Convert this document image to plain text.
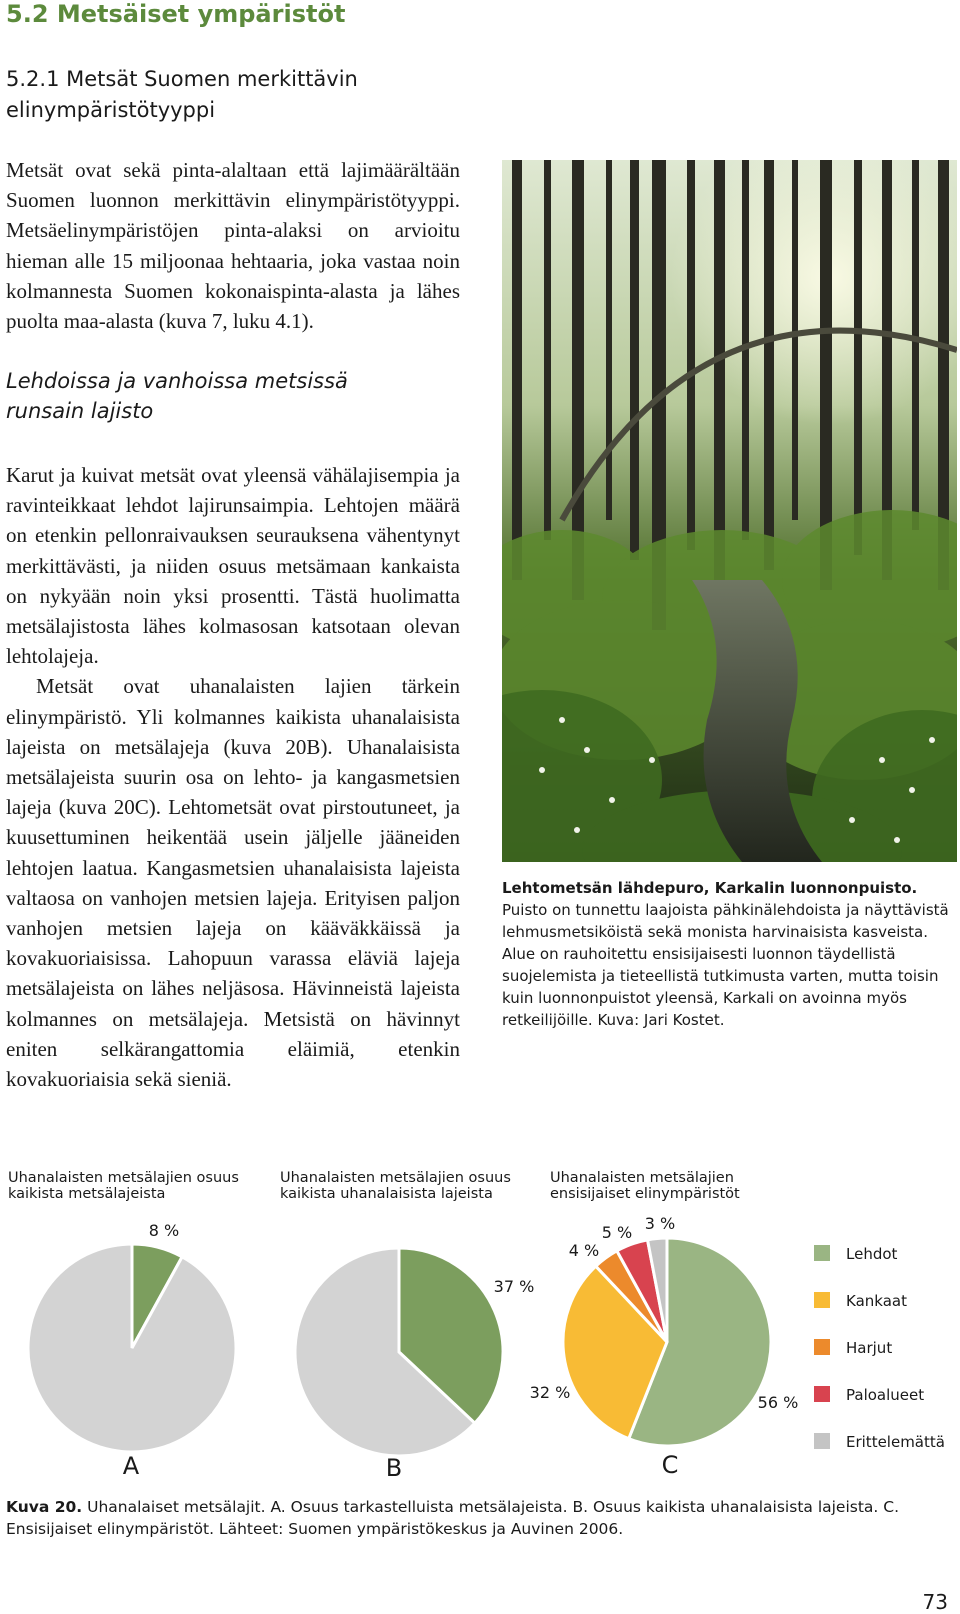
5.2 Metsäiset ympäristöt
5.2.1 Metsät Suomen merkittävin elinympäristötyyppi

Metsät ovat sekä pinta-alaltaan että lajimäärältään Suomen luonnon merkittävin elinympäristötyyppi. Metsäelinympäristöjen pinta-alaksi on arvioitu hieman alle 15 miljoonaa hehtaaria, joka vastaa noin kolmannesta Suomen kokonaispinta-alasta ja lähes puolta maa-alasta (kuva 7, luku 4.1).

Lehdoissa ja vanhoissa metsissä runsain lajisto

Karut ja kuivat metsät ovat yleensä vähälajisempia ja ravinteikkaat lehdot lajirunsaimpia. Lehtojen määrä on etenkin pellonraivauksen seurauksena vähentynyt merkittävästi, ja niiden osuus metsämaan kankaista on nykyään noin yksi prosentti. Tästä huolimatta metsälajistosta lähes kolmasosan katsotaan olevan lehtolajeja.

Metsät ovat uhanalaisten lajien tärkein elinympäristö. Yli kolmannes kaikista uhanalaisista lajeista on metsälajeja (kuva 20B). Uhanalaisista metsälajeista suurin osa on lehto- ja kangasmetsien lajeja (kuva 20C). Lehtometsät ovat pirstoutuneet, ja kuusettuminen heikentää usein jäljelle jääneiden lehtojen laatua. Kangasmetsien uhanalaisista lajeista valtaosa on vanhojen metsien lajeja. Erityisen paljon vanhojen metsien lajeja on kääväkkäissä ja kovakuoriaisissa. Lahopuun varassa eläviä lajeja metsälajeista on lähes neljäsosa. Hävinneistä lajeista kolmannes on metsälajeja. Metsistä on hävinnyt eniten selkärangattomia eläimiä, etenkin kovakuoriaisia sekä sieniä.

Lehtometsän lähdepuro, Karkalin luonnonpuisto. Puisto on tunnettu laajoista pähkinälehdoista ja näyttävistä lehmusmetsiköistä sekä monista harvinaisista kasveista. Alue on rauhoitettu ensisijaisesti luonnon täydellistä suojelemista ja tieteellistä tutkimusta varten, mutta toisin kuin luonnonpuistot yleensä, Karkali on avoinna myös retkeilijöille. Kuva: Jari Kostet.

Uhanalaisten metsälajien osuus kaikista metsälajeista

Uhanalaisten metsälajien osuus kaikista uhanalaisista lajeista

Uhanalaisten metsälajien ensisijaiset elinympäristöt

8 %
A
37 %
B
56 %
32 %
4 %
5 % 3 %
C
Lehdot
Kankaat
Harjut
Paloalueet
Erittelemättä

Kuva 20. Uhanalaiset metsälajit. A. Osuus tarkastelluista metsälajeista. B. Osuus kaikista uhanalaisista lajeista. C. Ensisijaiset elinympäristöt. Lähteet: Suomen ympäristökeskus ja Auvinen 2006.

73
